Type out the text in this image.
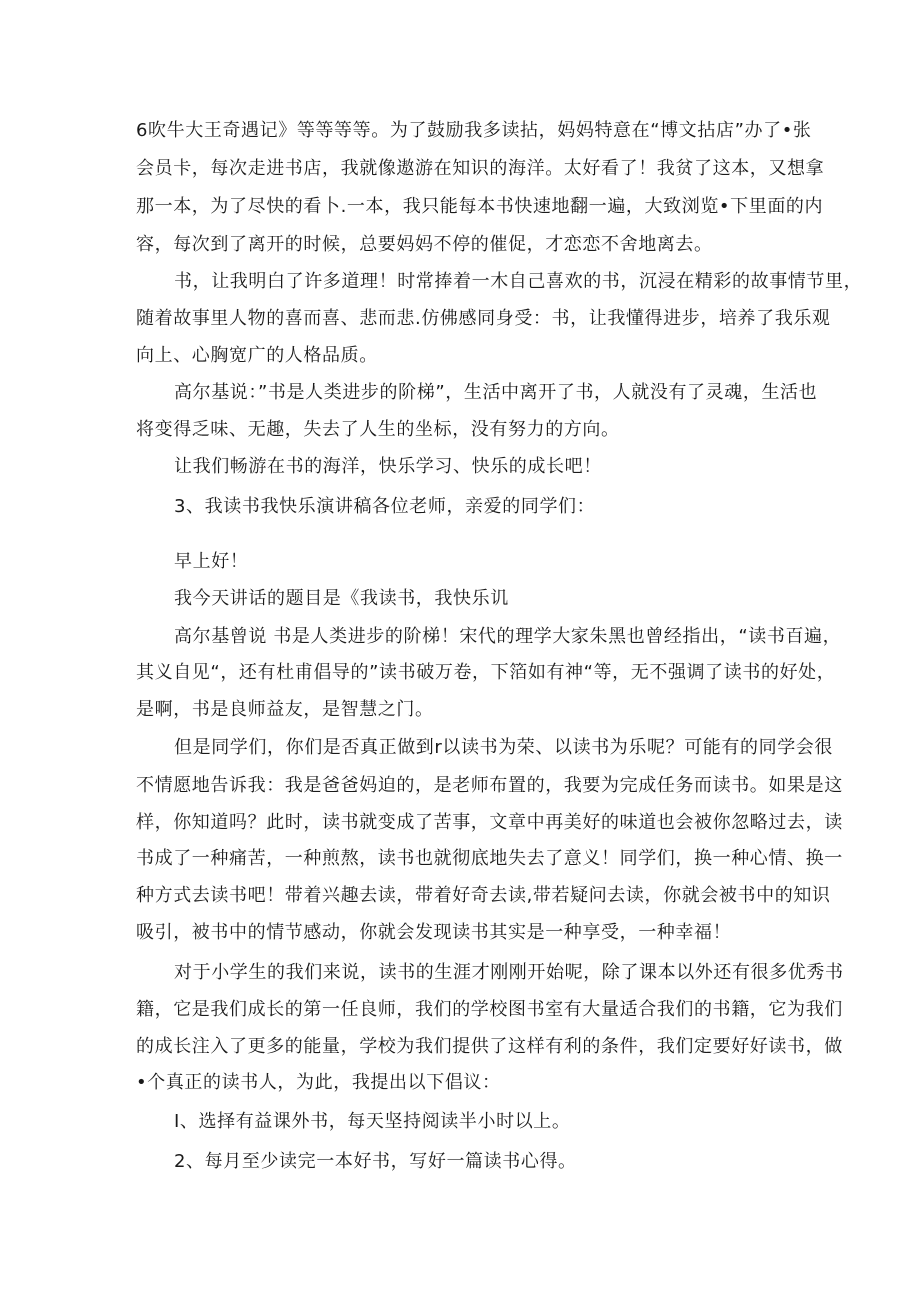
6吹牛大王奇遇记》等等等等。为了鼓励我多读拈，妈妈特意在“博文拈店”办了•张
会员卡，每次走进书店，我就像遨游在知识的海洋。太好看了！我贫了这本，又想拿
那一本，为了尽快的看卜.一本，我只能每本书快速地翻一遍，大致浏览•下里面的内
容，每次到了离开的时候，总要妈妈不停的催促，才恋恋不舍地离去。
书，让我明白了许多道理！时常捧着一木自己喜欢的书，沉浸在精彩的故事情节里，
随着故事里人物的喜而喜、悲而悲.仿佛感同身受：书，让我懂得进步，培养了我乐观
向上、心胸宽广的人格品质。
高尔基说：”书是人类进步的阶梯”，生活中离开了书，人就没有了灵魂，生活也
将变得乏味、无趣，失去了人生的坐标，没有努力的方向。
让我们畅游在书的海洋，快乐学习、快乐的成长吧！
3、我读书我快乐演讲稿各位老师，亲爱的同学们：
早上好！
我今天讲话的题目是《我读书，我快乐讥
高尔基曾说 书是人类进步的阶梯！宋代的理学大家朱黑也曾经指出，“读书百遍，
其义自见“，还有杜甫倡导的”读书破万卷，下箔如有神“等，无不强调了读书的好处，
是啊，书是良师益友，是智慧之门。
但是同学们，你们是否真正做到r以读书为荣、以读书为乐呢？可能有的同学会很
不情愿地告诉我：我是爸爸妈迫的，是老师布置的，我要为完成任务而读书。如果是这
样，你知道吗？此时，读书就变成了苦事，文章中再美好的味道也会被你忽略过去，读
书成了一种痛苦，一种煎熬，读书也就彻底地失去了意义！同学们，换一种心情、换一
种方式去读书吧！带着兴趣去读，带着好奇去读,带若疑问去读，你就会被书中的知识
吸引，被书中的情节感动，你就会发现读书其实是一种享受，一种幸福！
对于小学生的我们来说，读书的生涯才刚刚开始呢，除了课本以外还有很多优秀书
籍，它是我们成长的第一任良师，我们的学校图书室有大量适合我们的书籍，它为我们
的成长注入了更多的能量，学校为我们提供了这样有利的条件，我们定要好好读书，做
•个真正的读书人，为此，我提出以下倡议：
I、选择有益课外书，每天坚持阅读半小时以上。
2、每月至少读完一本好书，写好一篇读书心得。
